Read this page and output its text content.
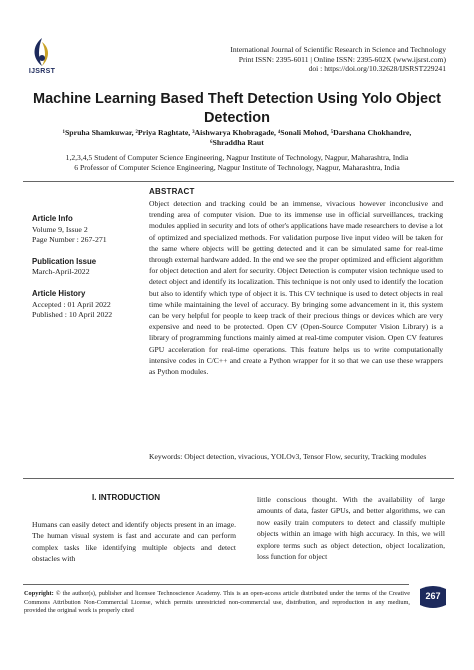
IJSRST
International Journal of Scientific Research in Science and Technology
Print ISSN: 2395-6011 | Online ISSN: 2395-602X (www.ijsrst.com)
doi : https://doi.org/10.32628/IJSRST229241
Machine Learning Based Theft Detection Using Yolo Object
Detection
¹Spruha Shamkuwar, ²Priya Raghtate, ³Aishwarya Khobragade, ⁴Sonali Mohod, ⁵Darshana Chokhandre,
⁶Shraddha Raut
1,2,3,4,5 Student of Computer Science Engineering, Nagpur Institute of Technology, Nagpur, Maharashtra, India
6 Professor of Computer Science Engineering, Nagpur Institute of Technology, Nagpur, Maharashtra, India
Article Info
Volume 9, Issue 2
Page Number : 267-271
Publication Issue
March-April-2022
Article History
Accepted : 01 April 2022
Published : 10 April 2022
ABSTRACT
Object detection and tracking could be an immense, vivacious however inconclusive and trending area of computer vision. Due to its immense use in official surveillances, tracking modules applied in security and lots of other's applications have made researchers to devise a lot of optimized and specialized methods. For validation purpose live input video will be taken for the same where objects will be getting detected and it can be simulated same for real-time through external hardware added. In the end we see the proper optimized and efficient algorithm for object detection and alert for security. Object Detection is computer vision technique used to detect object and identify its localization. This technique is not only used to identify the location but also to identify which type of object it is. This CV technique is used to detect objects in real time while maintaining the level of accuracy. By bringing some advancement in it, this system can be very helpful for people to keep track of their precious things or devices which are very expensive and need to be protected. Open CV (Open-Source Computer Vision Library) is a library of programming functions mainly aimed at real-time computer vision. Open CV features GPU acceleration for real-time operations. This feature helps us to write computationally intensive codes in C/C++ and create a Python wrapper for it so that we can use these wrappers as Python modules.
Keywords: Object detection, vivacious, YOLOv3, Tensor Flow, security, Tracking modules
I. INTRODUCTION
Humans can easily detect and identify objects present in an image. The human visual system is fast and accurate and can perform complex tasks like identifying multiple objects and detect obstacles with
little conscious thought. With the availability of large amounts of data, faster GPUs, and better algorithms, we can now easily train computers to detect and classify multiple objects within an image with high accuracy. In this, we will explore terms such as object detection, object localization, loss function for object
Copyright: © the author(s), publisher and licensee Technoscience Academy. This is an open-access article distributed under the terms of the Creative Commons Attribution Non-Commercial License, which permits unrestricted non-commercial use, distribution, and reproduction in any medium, provided the original work is properly cited
267
